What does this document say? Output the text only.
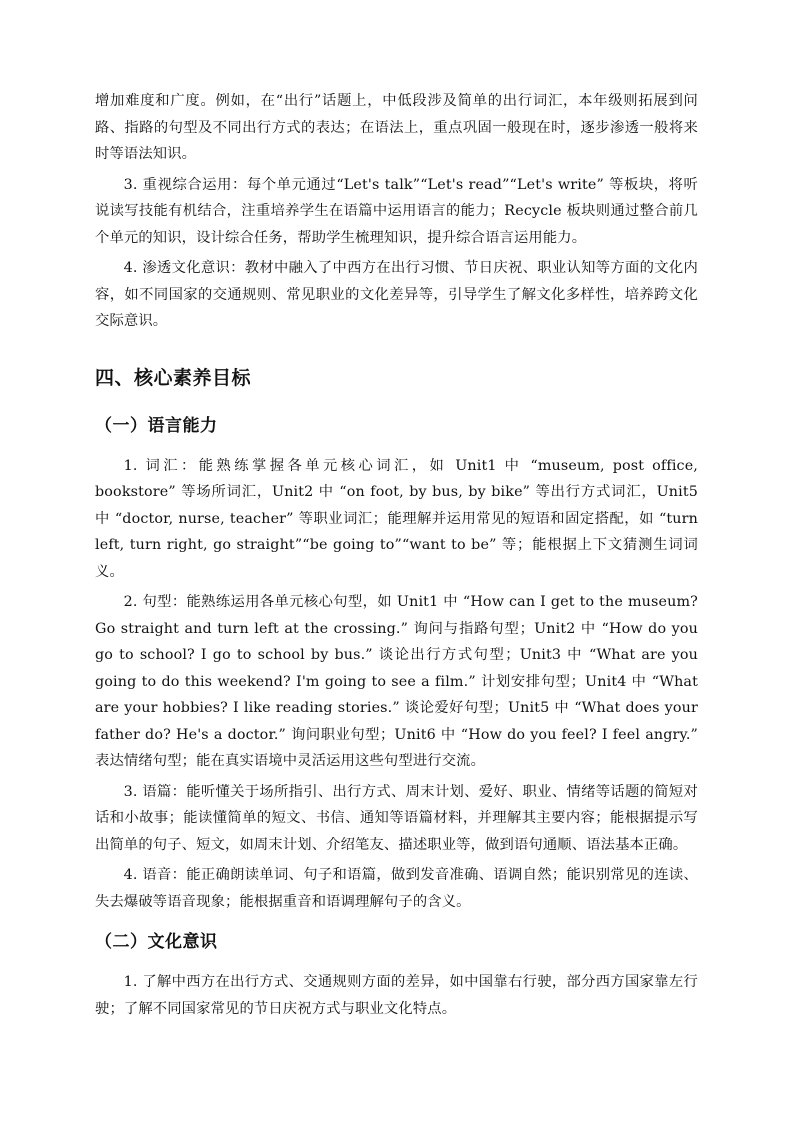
增加难度和广度。例如，在“出行”话题上，中低段涉及简单的出行词汇，本年级则拓展到问路、指路的句型及不同出行方式的表达；在语法上，重点巩固一般现在时，逐步渗透一般将来时等语法知识。

3. 重视综合运用：每个单元通过“Let's talk”“Let's read”“Let's write” 等板块，将听说读写技能有机结合，注重培养学生在语篇中运用语言的能力；Recycle 板块则通过整合前几个单元的知识，设计综合任务，帮助学生梳理知识，提升综合语言运用能力。

4. 渗透文化意识：教材中融入了中西方在出行习惯、节日庆祝、职业认知等方面的文化内容，如不同国家的交通规则、常见职业的文化差异等，引导学生了解文化多样性，培养跨文化交际意识。

四、核心素养目标
（一）语言能力

1. 词汇：能熟练掌握各单元核心词汇，如 Unit1 中 “museum, post office, bookstore” 等场所词汇，Unit2 中 “on foot, by bus, by bike” 等出行方式词汇，Unit5 中 “doctor, nurse, teacher” 等职业词汇；能理解并运用常见的短语和固定搭配，如 “turn left, turn right, go straight”“be going to”“want to be” 等；能根据上下文猜测生词词义。

2. 句型：能熟练运用各单元核心句型，如 Unit1 中 “How can I get to the museum? Go straight and turn left at the crossing.” 询问与指路句型；Unit2 中 “How do you go to school? I go to school by bus.” 谈论出行方式句型；Unit3 中 “What are you going to do this weekend? I'm going to see a film.” 计划安排句型；Unit4 中 “What are your hobbies? I like reading stories.” 谈论爱好句型；Unit5 中 “What does your father do? He's a doctor.” 询问职业句型；Unit6 中 “How do you feel? I feel angry.” 表达情绪句型；能在真实语境中灵活运用这些句型进行交流。

3. 语篇：能听懂关于场所指引、出行方式、周末计划、爱好、职业、情绪等话题的简短对话和小故事；能读懂简单的短文、书信、通知等语篇材料，并理解其主要内容；能根据提示写出简单的句子、短文，如周末计划、介绍笔友、描述职业等，做到语句通顺、语法基本正确。

4. 语音：能正确朗读单词、句子和语篇，做到发音准确、语调自然；能识别常见的连读、失去爆破等语音现象；能根据重音和语调理解句子的含义。

（二）文化意识

1. 了解中西方在出行方式、交通规则方面的差异，如中国靠右行驶，部分西方国家靠左行驶；了解不同国家常见的节日庆祝方式与职业文化特点。
